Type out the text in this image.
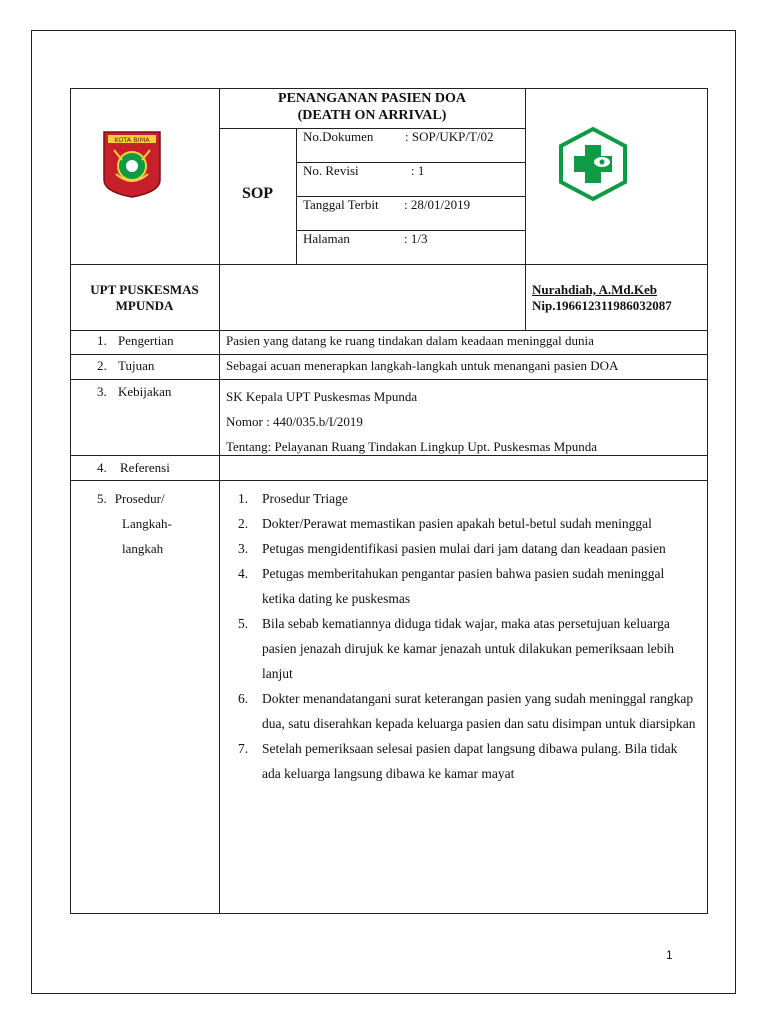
KOTA BIMA
PENANGANAN PASIEN DOA
(DEATH ON ARRIVAL)
SOP
No.Dokumen : SOP/UKP/T/02
No. Revisi	: 1
Tanggal Terbit : 28/01/2019
Halaman	: 1/3
UPT PUSKESMAS
MPUNDA
Nurahdiah, A.Md.Keb
Nip.196612311986032087
1. Pengertian	Pasien yang datang ke ruang tindakan dalam keadaan meninggal dunia
2. Tujuan	Sebagai acuan menerapkan langkah-langkah untuk menangani pasien DOA
3. Kebijakan	SK Kepala UPT Puskesmas Mpunda
Nomor : 440/035.b/I/2019
Tentang: Pelayanan Ruang Tindakan Lingkup Upt. Puskesmas Mpunda
4. Referensi
5. Prosedur/
Langkah-
langkah
1. Prosedur Triage
2. Dokter/Perawat memastikan pasien apakah betul-betul sudah meninggal
3. Petugas mengidentifikasi pasien mulai dari jam datang dan keadaan pasien
4. Petugas memberitahukan pengantar pasien bahwa pasien sudah meninggal ketika dating ke puskesmas
5. Bila sebab kematiannya diduga tidak wajar, maka atas persetujuan keluarga pasien jenazah dirujuk ke kamar jenazah untuk dilakukan pemeriksaan lebih lanjut
6. Dokter menandatangani surat keterangan pasien yang sudah meninggal rangkap dua, satu diserahkan kepada keluarga pasien dan satu disimpan untuk diarsipkan
7. Setelah pemeriksaan selesai pasien dapat langsung dibawa pulang. Bila tidak ada keluarga langsung dibawa ke kamar mayat
1
